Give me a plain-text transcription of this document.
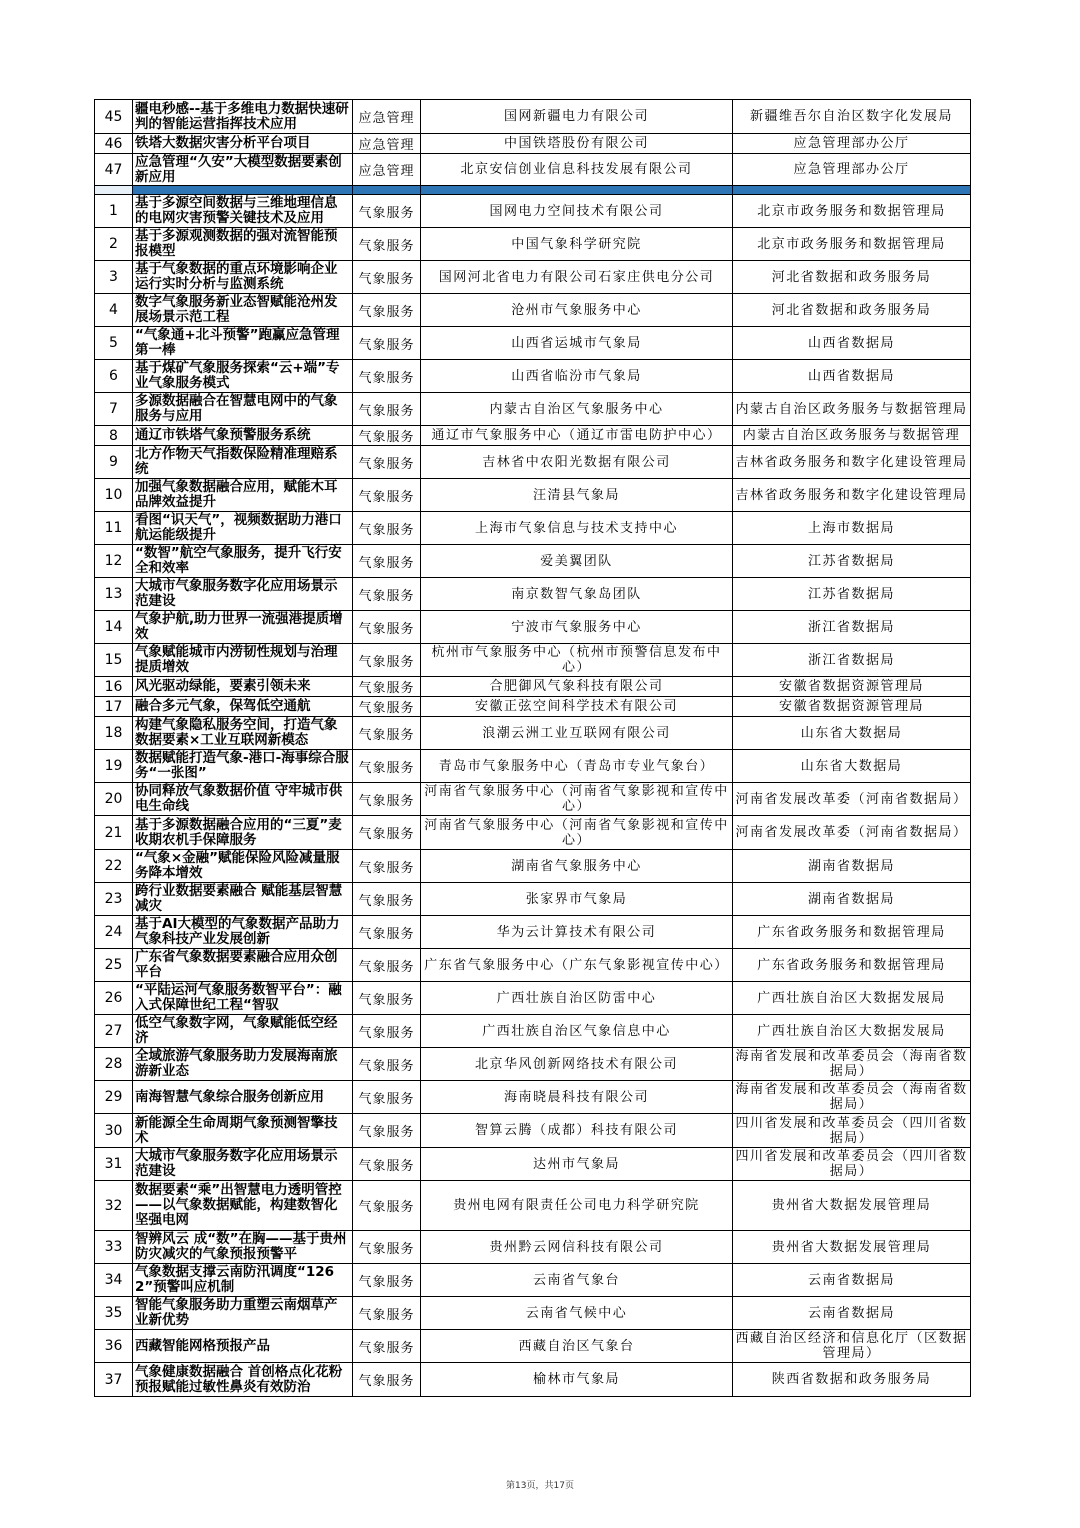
45	疆电秒感--基于多维电力数据快速研判的智能运营指挥技术应用	应急管理	国网新疆电力有限公司	新疆维吾尔自治区数字化发展局
46	铁塔大数据灾害分析平台项目	应急管理	中国铁塔股份有限公司	应急管理部办公厅
47	应急管理“久安”大模型数据要素创新应用	应急管理	北京安信创业信息科技发展有限公司	应急管理部办公厅

1	基于多源空间数据与三维地理信息的电网灾害预警关键技术及应用	气象服务	国网电力空间技术有限公司	北京市政务服务和数据管理局
2	基于多源观测数据的强对流智能预报模型	气象服务	中国气象科学研究院	北京市政务服务和数据管理局
3	基于气象数据的重点环境影响企业运行实时分析与监测系统	气象服务	国网河北省电力有限公司石家庄供电分公司	河北省数据和政务服务局
4	数字气象服务新业态智赋能沧州发展场景示范工程	气象服务	沧州市气象服务中心	河北省数据和政务服务局
5	“气象通+北斗预警”跑赢应急管理第一棒	气象服务	山西省运城市气象局	山西省数据局
6	基于煤矿气象服务探索“云+端”专业气象服务模式	气象服务	山西省临汾市气象局	山西省数据局
7	多源数据融合在智慧电网中的气象服务与应用	气象服务	内蒙古自治区气象服务中心	内蒙古自治区政务服务与数据管理局
8	通辽市铁塔气象预警服务系统	气象服务	通辽市气象服务中心（通辽市雷电防护中心）	内蒙古自治区政务服务与数据管理
9	北方作物天气指数保险精准理赔系统	气象服务	吉林省中农阳光数据有限公司	吉林省政务服务和数字化建设管理局
10	加强气象数据融合应用，赋能木耳品牌效益提升	气象服务	汪清县气象局	吉林省政务服务和数字化建设管理局
11	看图“识天气”，视频数据助力港口航运能级提升	气象服务	上海市气象信息与技术支持中心	上海市数据局
12	“数智”航空气象服务，提升飞行安全和效率	气象服务	爱美翼团队	江苏省数据局
13	大城市气象服务数字化应用场景示范建设	气象服务	南京数智气象岛团队	江苏省数据局
14	气象护航,助力世界一流强港提质增效	气象服务	宁波市气象服务中心	浙江省数据局
15	气象赋能城市内涝韧性规划与治理提质增效	气象服务	杭州市气象服务中心（杭州市预警信息发布中心）	浙江省数据局
16	风光驱动绿能，要素引领未来	气象服务	合肥御风气象科技有限公司	安徽省数据资源管理局
17	融合多元气象，保驾低空通航	气象服务	安徽正弦空间科学技术有限公司	安徽省数据资源管理局
18	构建气象隐私服务空间，打造气象数据要素×工业互联网新模态	气象服务	浪潮云洲工业互联网有限公司	山东省大数据局
19	数据赋能打造气象-港口-海事综合服务“一张图”	气象服务	青岛市气象服务中心（青岛市专业气象台）	山东省大数据局
20	协同释放气象数据价值 守牢城市供电生命线	气象服务	河南省气象服务中心（河南省气象影视和宣传中心）	河南省发展改革委（河南省数据局）
21	基于多源数据融合应用的“三夏”麦收期农机手保障服务	气象服务	河南省气象服务中心（河南省气象影视和宣传中心）	河南省发展改革委（河南省数据局）
22	“气象×金融”赋能保险风险减量服务降本增效	气象服务	湖南省气象服务中心	湖南省数据局
23	跨行业数据要素融合 赋能基层智慧减灾	气象服务	张家界市气象局	湖南省数据局
24	基于AI大模型的气象数据产品助力气象科技产业发展创新	气象服务	华为云计算技术有限公司	广东省政务服务和数据管理局
25	广东省气象数据要素融合应用众创平台	气象服务	广东省气象服务中心（广东气象影视宣传中心）	广东省政务服务和数据管理局
26	“平陆运河气象服务数智平台”：融入式保障世纪工程“智驭	气象服务	广西壮族自治区防雷中心	广西壮族自治区大数据发展局
27	低空气象数字网，气象赋能低空经济	气象服务	广西壮族自治区气象信息中心	广西壮族自治区大数据发展局
28	全域旅游气象服务助力发展海南旅游新业态	气象服务	北京华风创新网络技术有限公司	海南省发展和改革委员会（海南省数据局）
29	南海智慧气象综合服务创新应用	气象服务	海南晓晨科技有限公司	海南省发展和改革委员会（海南省数据局）
30	新能源全生命周期气象预测智擎技术	气象服务	智算云腾（成都）科技有限公司	四川省发展和改革委员会（四川省数据局）
31	大城市气象服务数字化应用场景示范建设	气象服务	达州市气象局	四川省发展和改革委员会（四川省数据局）
32	数据要素“乘”出智慧电力透明管控——以气象数据赋能，构建数智化坚强电网	气象服务	贵州电网有限责任公司电力科学研究院	贵州省大数据发展管理局
33	智辨风云 成“数”在胸——基于贵州防灾减灾的气象预报预警平	气象服务	贵州黔云网信科技有限公司	贵州省大数据发展管理局
34	气象数据支撑云南防汛调度“1262”预警叫应机制	气象服务	云南省气象台	云南省数据局
35	智能气象服务助力重塑云南烟草产业新优势	气象服务	云南省气候中心	云南省数据局
36	西藏智能网格预报产品	气象服务	西藏自治区气象台	西藏自治区经济和信息化厅（区数据管理局）
37	气象健康数据融合 首创格点化花粉预报赋能过敏性鼻炎有效防治	气象服务	榆林市气象局	陕西省数据和政务服务局
第13页，共17页
